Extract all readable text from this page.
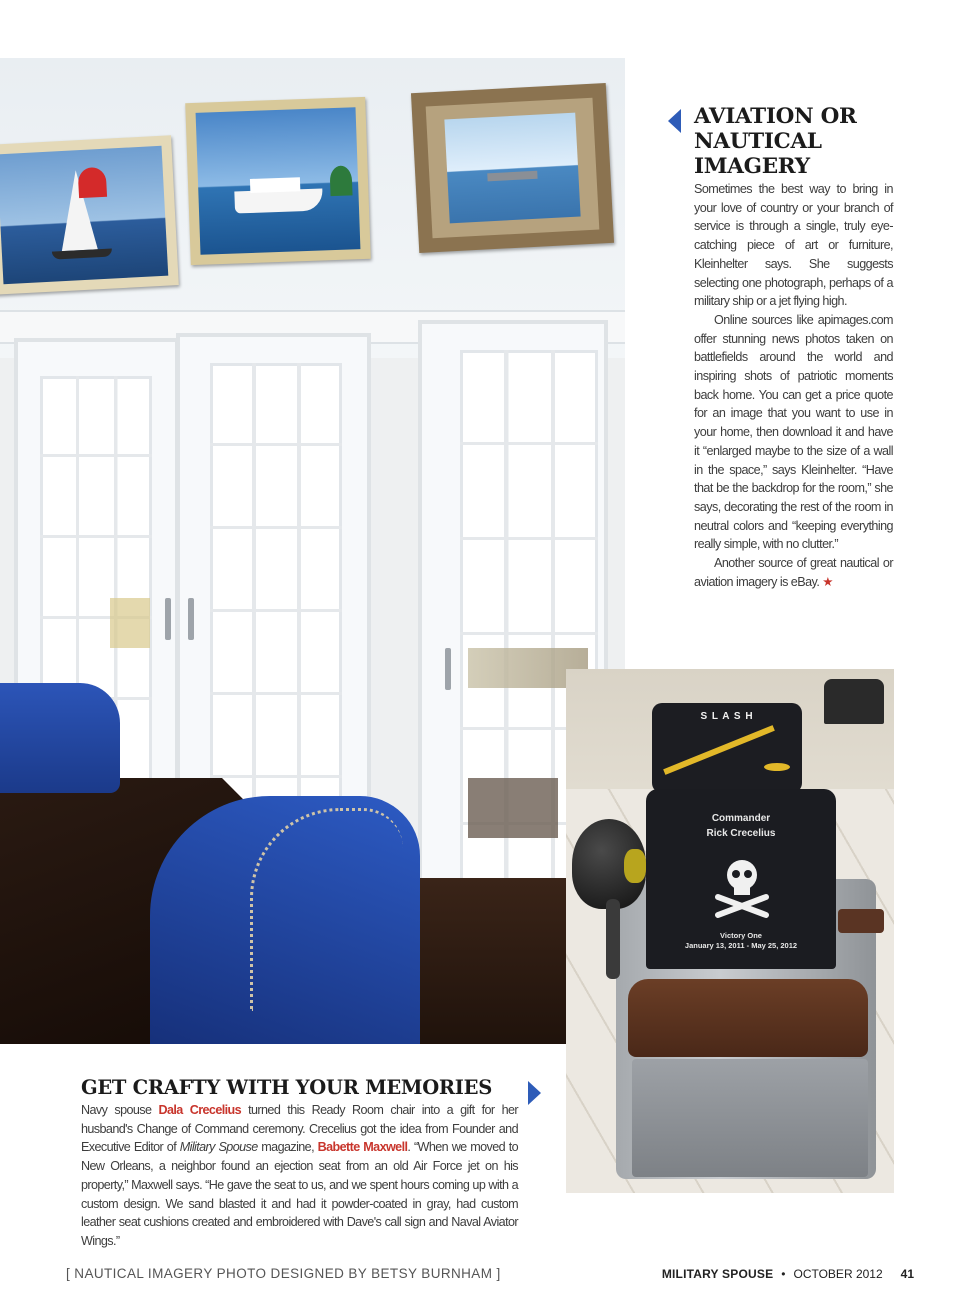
AVIATION OR NAUTICAL IMAGERY

Sometimes the best way to bring in your love of country or your branch of service is through a single, truly eye-catching piece of art or furniture, Kleinhelter says. She suggests selecting one photograph, perhaps of a military ship or a jet flying high.

Online sources like apimages.com offer stunning news photos taken on battlefields around the world and inspiring shots of patriotic moments back home. You can get a price quote for an image that you want to use in your home, then download it and have it “enlarged maybe to the size of a wall in the space,” says Kleinhelter. “Have that be the backdrop for the room,” she says, decorating the rest of the room in neutral colors and “keeping everything really simple, with no clutter.”

Another source of great nautical or aviation imagery is eBay. ★

S L A S H
Commander
Rick Crecelius
Victory One
January 13, 2011 - May 25, 2012
GET CRAFTY WITH YOUR MEMORIES

Navy spouse Dala Crecelius turned this Ready Room chair into a gift for her husband's Change of Command ceremony. Crecelius got the idea from Founder and Executive Editor of Military Spouse magazine, Babette Maxwell. “When we moved to New Orleans, a neighbor found an ejection seat from an old Air Force jet on his property,” Maxwell says. “He gave the seat to us, and we spent hours coming up with a custom design. We sand blasted it and had it powder-coated in gray, had custom leather seat cushions created and embroidered with Dave's call sign and Naval Aviator Wings.”

[ NAUTICAL IMAGERY PHOTO DESIGNED BY BETSY BURNHAM ]	MILITARY SPOUSE • OCTOBER 2012 41
